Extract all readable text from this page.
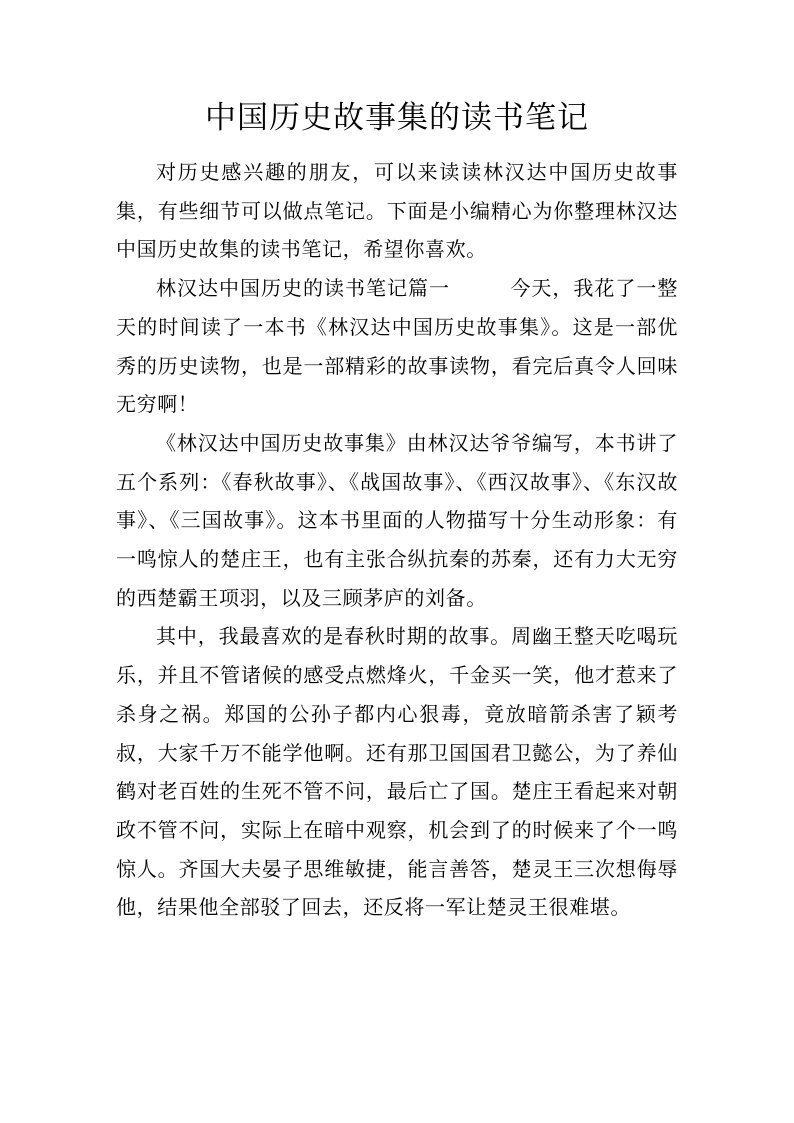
中国历史故事集的读书笔记

对历史感兴趣的朋友，可以来读读林汉达中国历史故事集，有些细节可以做点笔记。下面是小编精心为你整理林汉达中国历史故集的读书笔记，希望你喜欢。

林汉达中国历史的读书笔记篇一	今天，我花了一整天的时间读了一本书《林汉达中国历史故事集》。这是一部优秀的历史读物，也是一部精彩的故事读物，看完后真令人回味无穷啊！

《林汉达中国历史故事集》由林汉达爷爷编写，本书讲了五个系列：《春秋故事》、《战国故事》、《西汉故事》、《东汉故事》、《三国故事》。这本书里面的人物描写十分生动形象：有一鸣惊人的楚庄王，也有主张合纵抗秦的苏秦，还有力大无穷的西楚霸王项羽，以及三顾茅庐的刘备。

其中，我最喜欢的是春秋时期的故事。周幽王整天吃喝玩乐，并且不管诸候的感受点燃烽火，千金买一笑，他才惹来了杀身之祸。郑国的公孙子都内心狠毒，竟放暗箭杀害了颖考叔，大家千万不能学他啊。还有那卫国国君卫懿公，为了养仙鹤对老百姓的生死不管不问，最后亡了国。楚庄王看起来对朝政不管不问，实际上在暗中观察，机会到了的时候来了个一鸣惊人。齐国大夫晏子思维敏捷，能言善答，楚灵王三次想侮辱他，结果他全部驳了回去，还反将一军让楚灵王很难堪。
